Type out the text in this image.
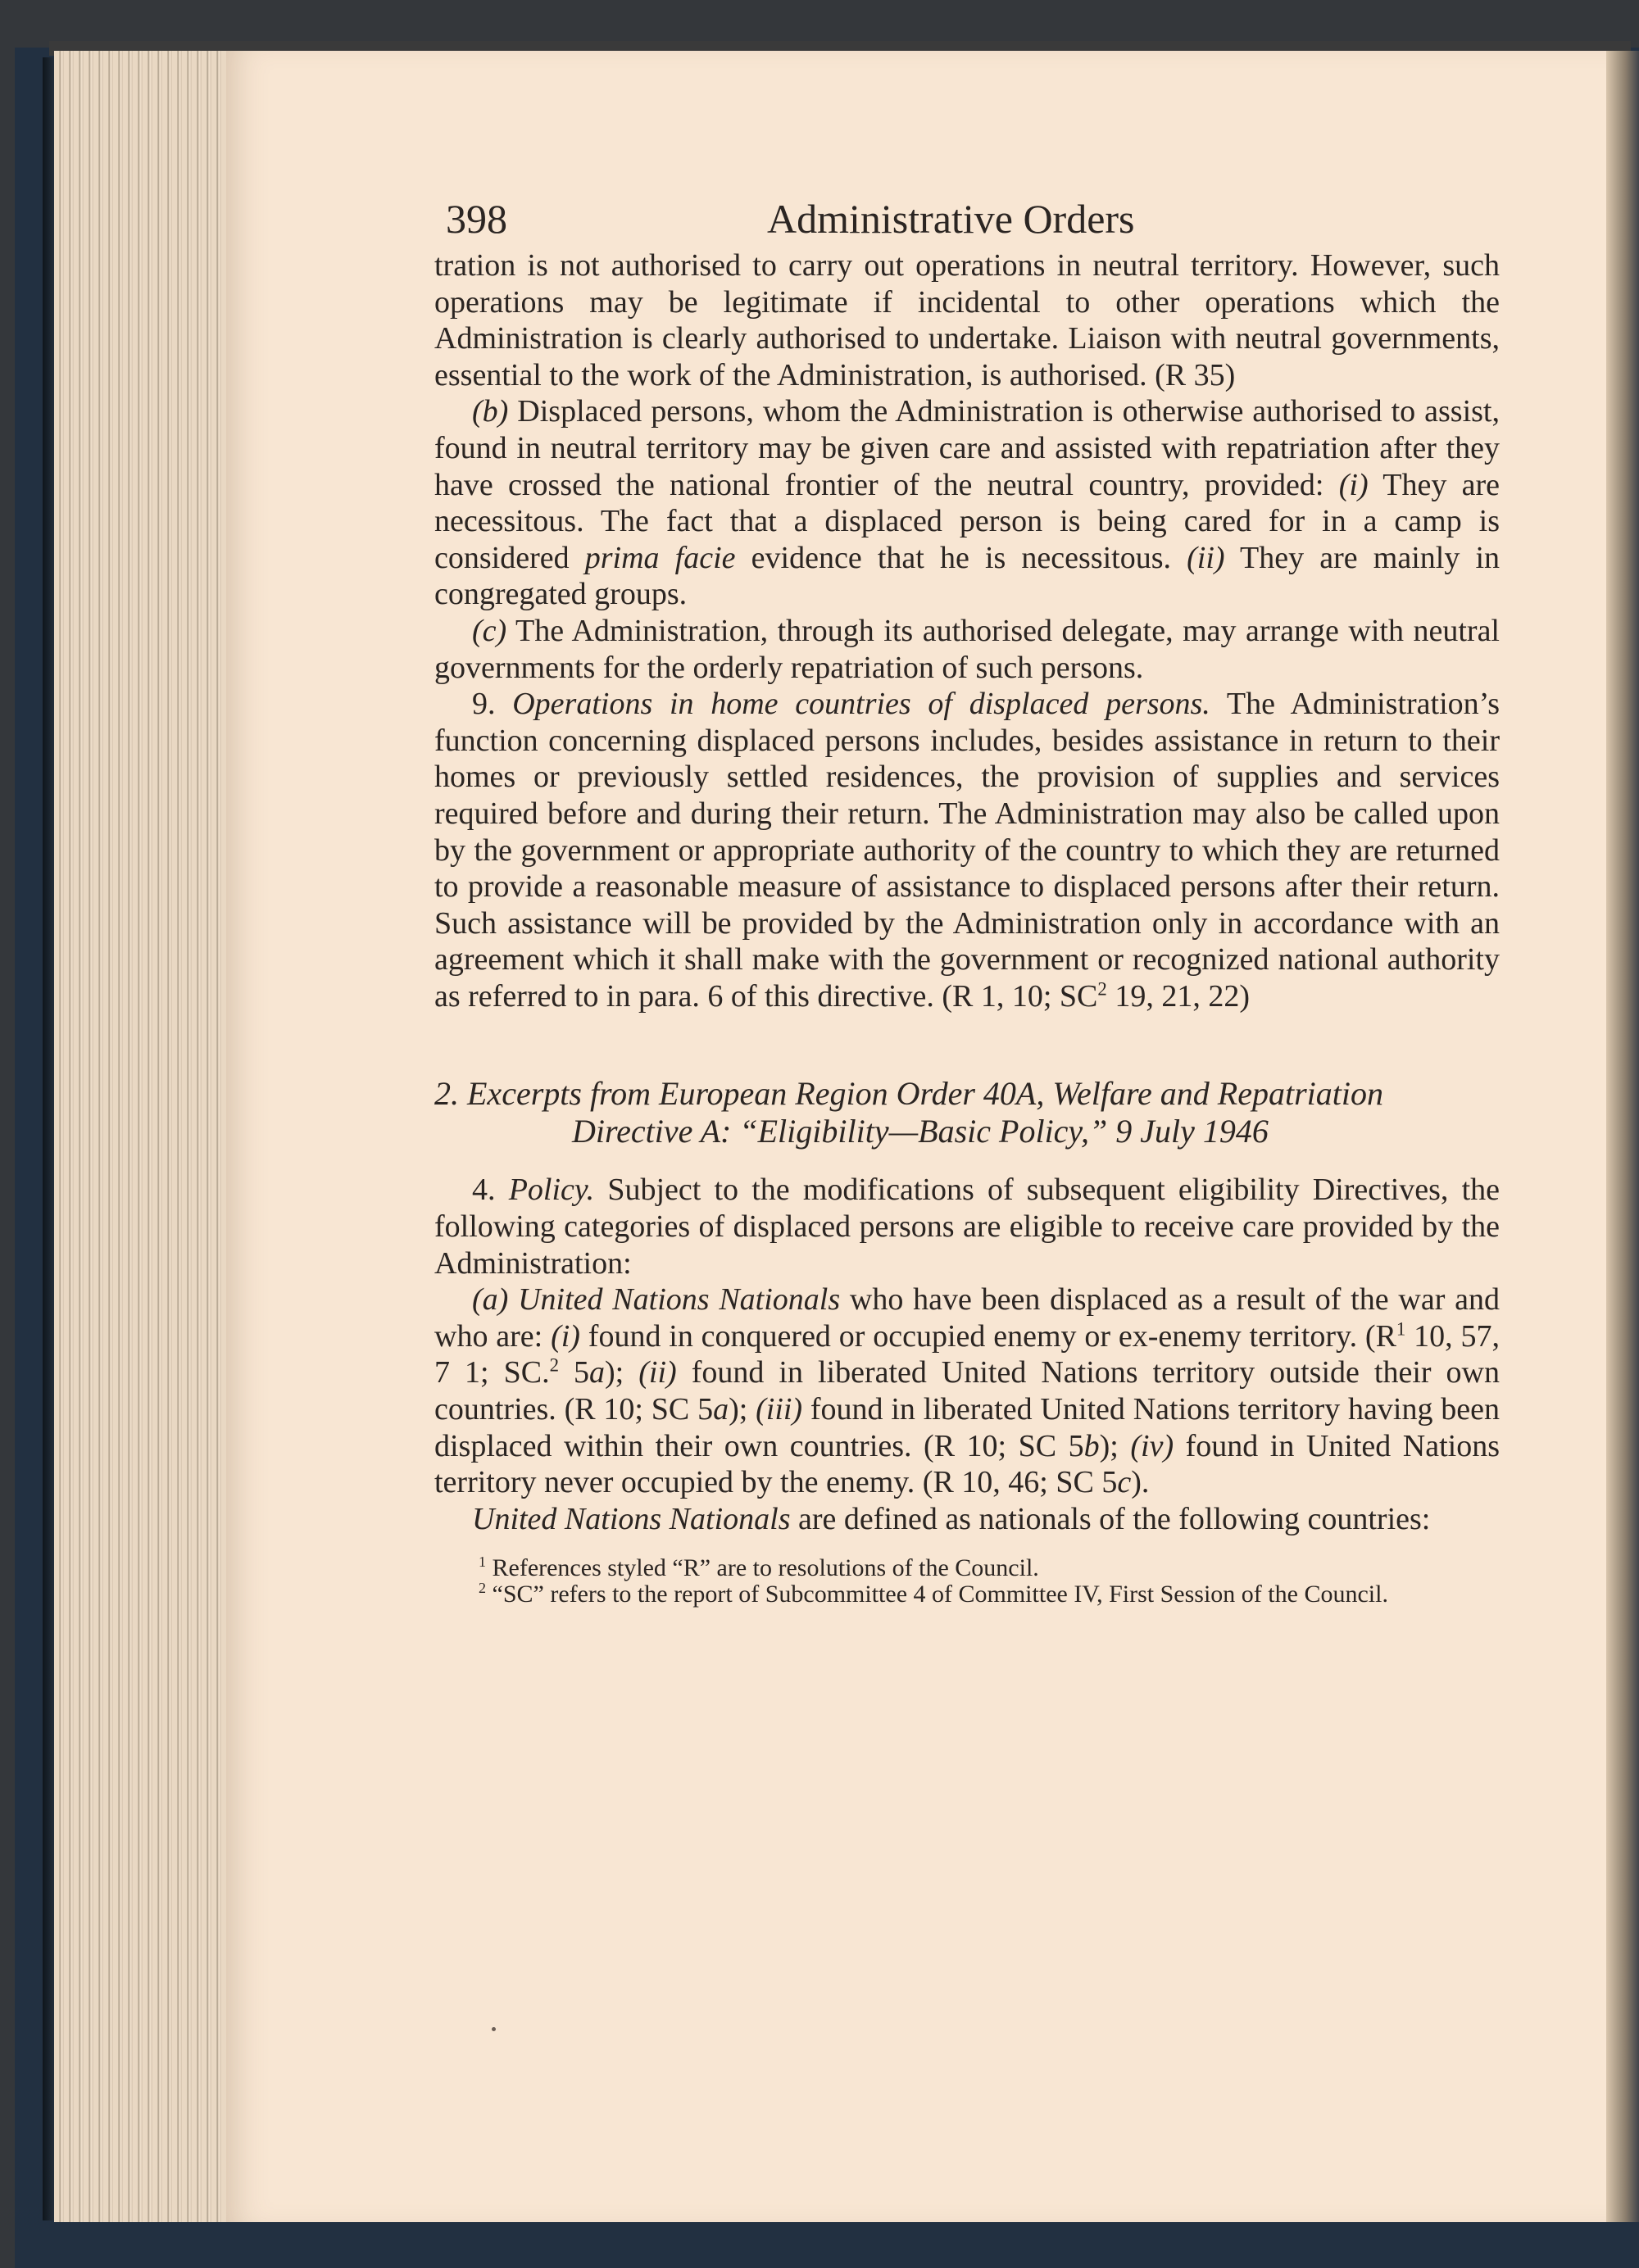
398	Administrative Orders

tration is not authorised to carry out operations in neutral territory. However, such operations may be legitimate if incidental to other operations which the Administration is clearly authorised to undertake. Liaison with neutral governments, essential to the work of the Administration, is authorised. (R 35)

(b) Displaced persons, whom the Administration is otherwise authorised to assist, found in neutral territory may be given care and assisted with repatriation after they have crossed the national frontier of the neutral country, provided: (i) They are necessitous. The fact that a displaced person is being cared for in a camp is considered prima facie evidence that he is necessitous. (ii) They are mainly in congregated groups.

(c) The Administration, through its authorised delegate, may arrange with neutral governments for the orderly repatriation of such persons.

9. Operations in home countries of displaced persons. The Administration’s function concerning displaced persons includes, besides assistance in return to their homes or previously settled residences, the provision of supplies and services required before and during their return. The Administration may also be called upon by the government or appropriate authority of the country to which they are returned to provide a reasonable measure of assistance to displaced persons after their return. Such assistance will be provided by the Administration only in accordance with an agreement which it shall make with the government or recognized national authority as referred to in para. 6 of this directive. (R 1, 10; $SC^2$ 19, 21, 22)

2. Excerpts from European Region Order 40A, Welfare and Repatriation
Directive A: “Eligibility—Basic Policy,” 9 July 1946

4. Policy. Subject to the modifications of subsequent eligibility Directives, the following categories of displaced persons are eligible to receive care provided by the Administration:

(a) United Nations Nationals who have been displaced as a result of the war and who are: (i) found in conquered or occupied enemy or ex-enemy territory. ($R^1$ 10, 57, 7 1; SC.$^2$ 5a); (ii) found in liberated United Nations territory outside their own countries. (R 10; SC 5a); (iii) found in liberated United Nations territory having been displaced within their own countries. (R 10; SC 5b); (iv) found in United Nations territory never occupied by the enemy. (R 10, 46; SC 5c).

United Nations Nationals are defined as nationals of the following countries:

$^1$ References styled “R” are to resolutions of the Council.

$^2$ “SC” refers to the report of Subcommittee 4 of Committee IV, First Session of the Council.
